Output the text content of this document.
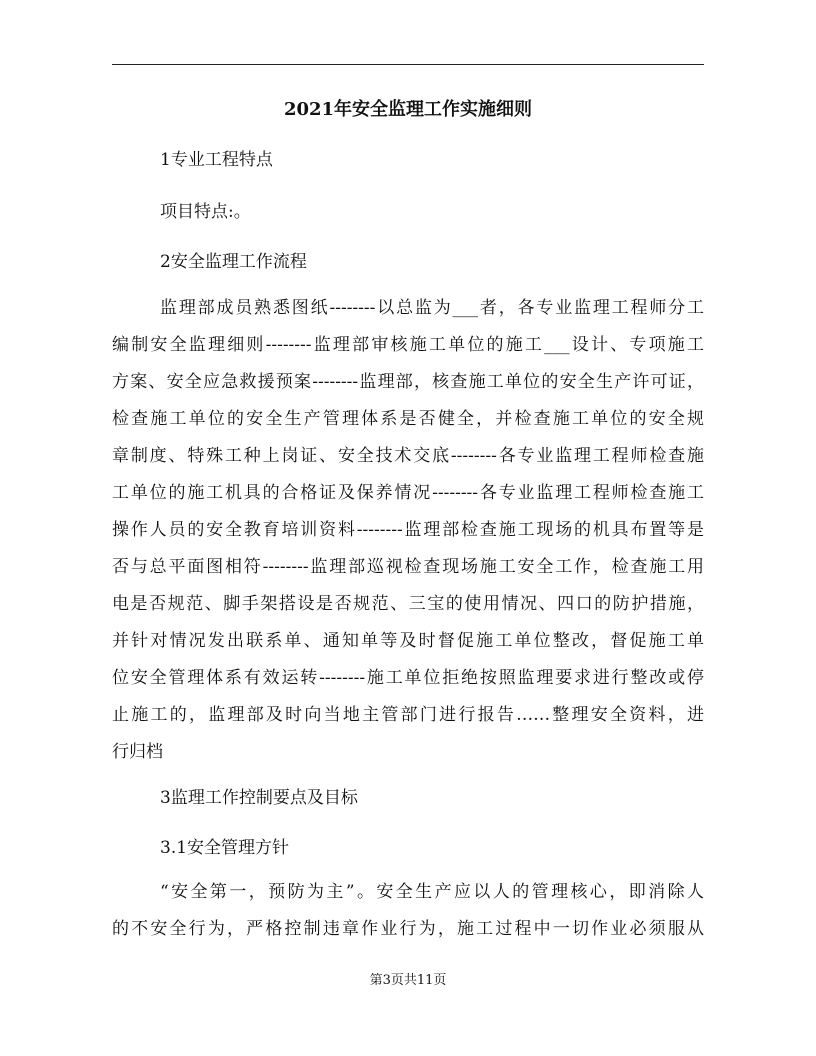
2021年安全监理工作实施细则
1专业工程特点
项目特点:。
2安全监理工作流程
监理部成员熟悉图纸--------以总监为___者，各专业监理工程师分工
编制安全监理细则--------监理部审核施工单位的施工___设计、专项施工
方案、安全应急救援预案--------监理部，核查施工单位的安全生产许可证，
检查施工单位的安全生产管理体系是否健全，并检查施工单位的安全规
章制度、特殊工种上岗证、安全技术交底--------各专业监理工程师检查施
工单位的施工机具的合格证及保养情况--------各专业监理工程师检查施工
操作人员的安全教育培训资料--------监理部检查施工现场的机具布置等是
否与总平面图相符--------监理部巡视检查现场施工安全工作，检查施工用
电是否规范、脚手架搭设是否规范、三宝的使用情况、四口的防护措施，
并针对情况发出联系单、通知单等及时督促施工单位整改，督促施工单
位安全管理体系有效运转--------施工单位拒绝按照监理要求进行整改或停
止施工的，监理部及时向当地主管部门进行报告……整理安全资料，进
行归档
3监理工作控制要点及目标
3.1安全管理方针
“安全第一，预防为主”。安全生产应以人的管理核心，即消除人
的不安全行为，严格控制违章作业行为，施工过程中一切作业必须服从
第3页共11页
